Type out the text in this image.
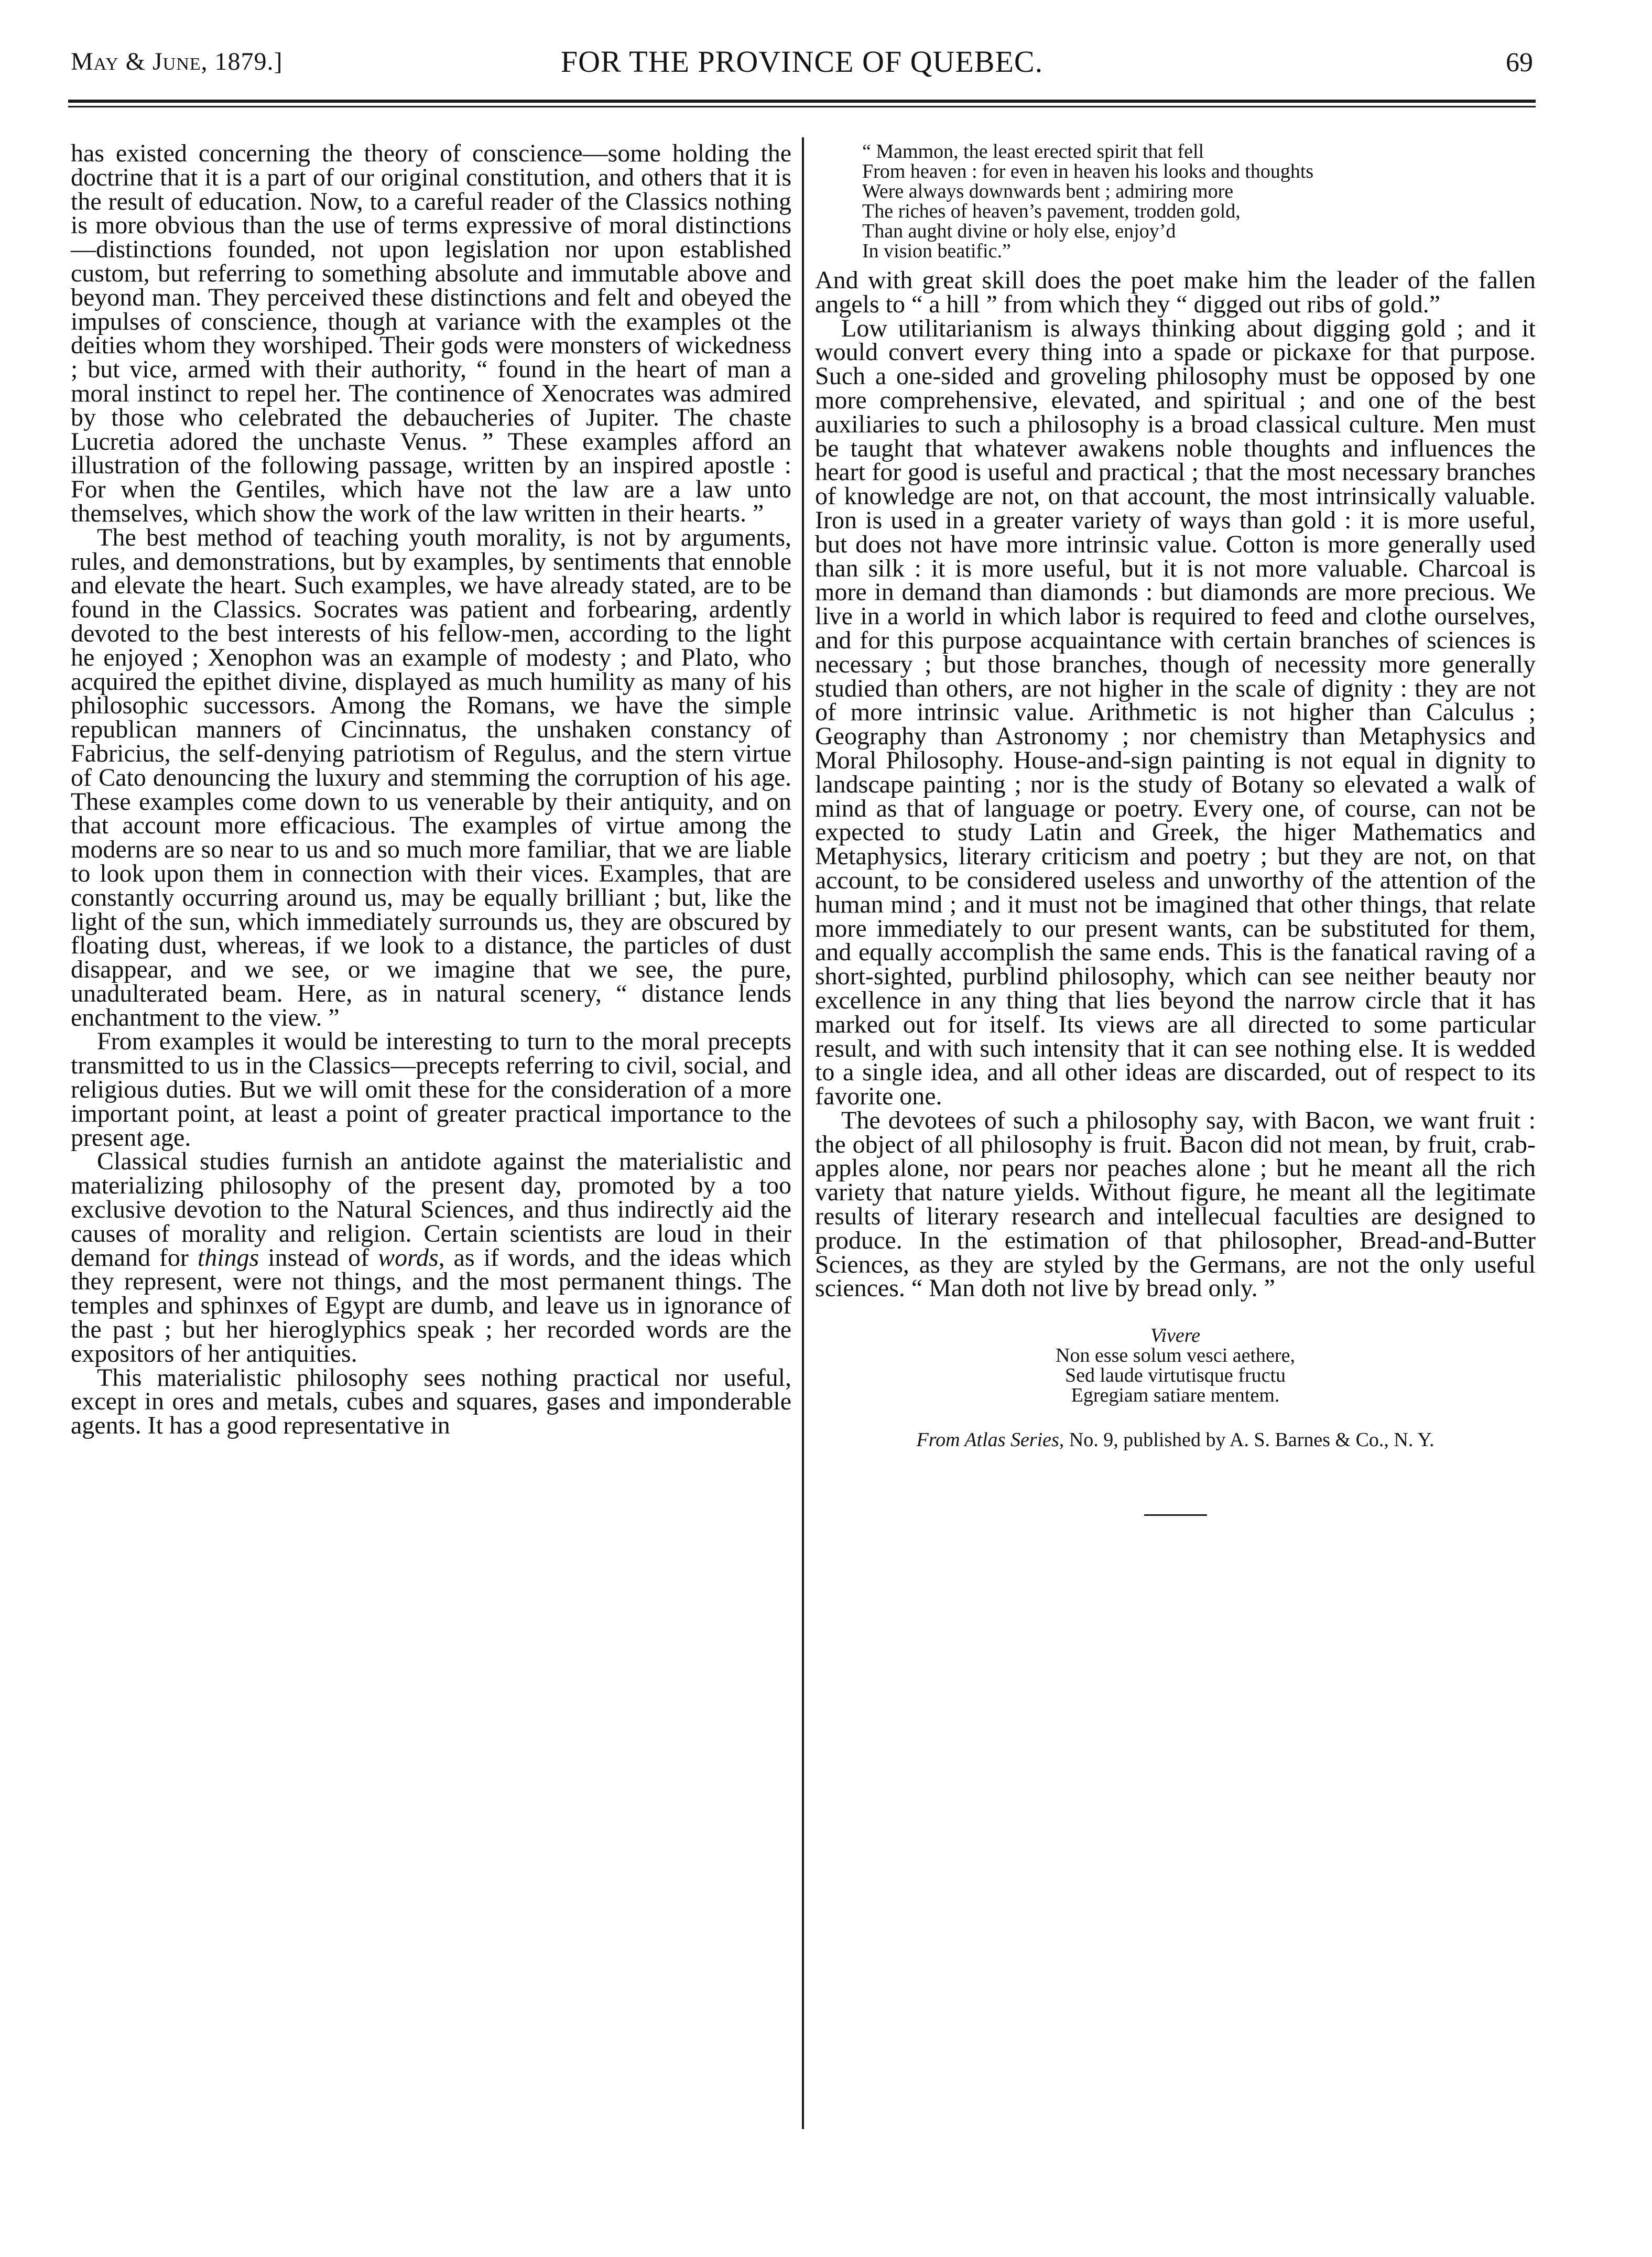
May & June, 1879.]	FOR THE PROVINCE OF QUEBEC.	69

has existed concerning the theory of conscience—some holding the doctrine that it is a part of our original constitution, and others that it is the result of education. Now, to a careful reader of the Classics nothing is more obvious than the use of terms expressive of moral distinctions—distinctions founded, not upon legislation nor upon established custom, but referring to something absolute and immutable above and beyond man. They perceived these distinctions and felt and obeyed the impulses of conscience, though at variance with the examples ot the deities whom they worshiped. Their gods were monsters of wickedness ; but vice, armed with their authority, “ found in the heart of man a moral instinct to repel her. The continence of Xenocrates was admired by those who celebrated the debaucheries of Jupiter. The chaste Lucretia adored the unchaste Venus. ” These examples afford an illustration of the following passage, written by an inspired apostle : For when the Gentiles, which have not the law are a law unto themselves, which show the work of the law written in their hearts. ”

The best method of teaching youth morality, is not by arguments, rules, and demonstrations, but by examples, by sentiments that ennoble and elevate the heart. Such examples, we have already stated, are to be found in the Classics. Socrates was patient and forbearing, ardently devoted to the best interests of his fellow-men, according to the light he enjoyed ; Xenophon was an example of modesty ; and Plato, who acquired the epithet divine, displayed as much humility as many of his philosophic successors. Among the Romans, we have the simple republican manners of Cincinnatus, the unshaken constancy of Fabricius, the self-denying patriotism of Regulus, and the stern virtue of Cato denouncing the luxury and stemming the corruption of his age. These examples come down to us venerable by their antiquity, and on that account more efficacious. The examples of virtue among the moderns are so near to us and so much more familiar, that we are liable to look upon them in connection with their vices. Examples, that are constantly occurring around us, may be equally brilliant ; but, like the light of the sun, which immediately surrounds us, they are obscured by floating dust, whereas, if we look to a distance, the particles of dust disappear, and we see, or we imagine that we see, the pure, unadulterated beam. Here, as in natural scenery, “ distance lends enchantment to the view. ”

From examples it would be interesting to turn to the moral precepts transmitted to us in the Classics—precepts referring to civil, social, and religious duties. But we will omit these for the consideration of a more important point, at least a point of greater practical importance to the present age.

Classical studies furnish an antidote against the materialistic and materializing philosophy of the present day, promoted by a too exclusive devotion to the Natural Sciences, and thus indirectly aid the causes of morality and religion. Certain scientists are loud in their demand for things instead of words, as if words, and the ideas which they represent, were not things, and the most permanent things. The temples and sphinxes of Egypt are dumb, and leave us in ignorance of the past ; but her hieroglyphics speak ; her recorded words are the expositors of her antiquities.

This materialistic philosophy sees nothing practical nor useful, except in ores and metals, cubes and squares, gases and imponderable agents. It has a good representative in

“ Mammon, the least erected spirit that fell
From heaven : for even in heaven his looks and thoughts
Were always downwards bent ; admiring more
The riches of heaven’s pavement, trodden gold,
Than aught divine or holy else, enjoy’d
In vision beatific.”

And with great skill does the poet make him the leader of the fallen angels to “ a hill ” from which they “ digged out ribs of gold.”

Low utilitarianism is always thinking about digging gold ; and it would convert every thing into a spade or pickaxe for that purpose. Such a one-sided and groveling philosophy must be opposed by one more comprehensive, elevated, and spiritual ; and one of the best auxiliaries to such a philosophy is a broad classical culture. Men must be taught that whatever awakens noble thoughts and influences the heart for good is useful and practical ; that the most necessary branches of knowledge are not, on that account, the most intrinsically valuable. Iron is used in a greater variety of ways than gold : it is more useful, but does not have more intrinsic value. Cotton is more generally used than silk : it is more useful, but it is not more valuable. Charcoal is more in demand than diamonds : but diamonds are more precious. We live in a world in which labor is required to feed and clothe ourselves, and for this purpose acquaintance with certain branches of sciences is necessary ; but those branches, though of necessity more generally studied than others, are not higher in the scale of dignity : they are not of more intrinsic value. Arithmetic is not higher than Calculus ; Geography than Astronomy ; nor chemistry than Metaphysics and Moral Philosophy. House-and-sign painting is not equal in dignity to landscape painting ; nor is the study of Botany so elevated a walk of mind as that of language or poetry. Every one, of course, can not be expected to study Latin and Greek, the higer Mathematics and Metaphysics, literary criticism and poetry ; but they are not, on that account, to be considered useless and unworthy of the attention of the human mind ; and it must not be imagined that other things, that relate more immediately to our present wants, can be substituted for them, and equally accomplish the same ends. This is the fanatical raving of a short-sighted, purblind philosophy, which can see neither beauty nor excellence in any thing that lies beyond the narrow circle that it has marked out for itself. Its views are all directed to some particular result, and with such intensity that it can see nothing else. It is wedded to a single idea, and all other ideas are discarded, out of respect to its favorite one.

The devotees of such a philosophy say, with Bacon, we want fruit : the object of all philosophy is fruit. Bacon did not mean, by fruit, crab-apples alone, nor pears nor peaches alone ; but he meant all the rich variety that nature yields. Without figure, he meant all the legitimate results of literary research and intellecual faculties are designed to produce. In the estimation of that philosopher, Bread-and-Butter Sciences, as they are styled by the Germans, are not the only useful sciences. “ Man doth not live by bread only. ”

Vivere
Non esse solum vesci aethere,
Sed laude virtutisque fructu
Egregiam satiare mentem.
From Atlas Series, No. 9, published by A. S. Barnes & Co., N. Y.
